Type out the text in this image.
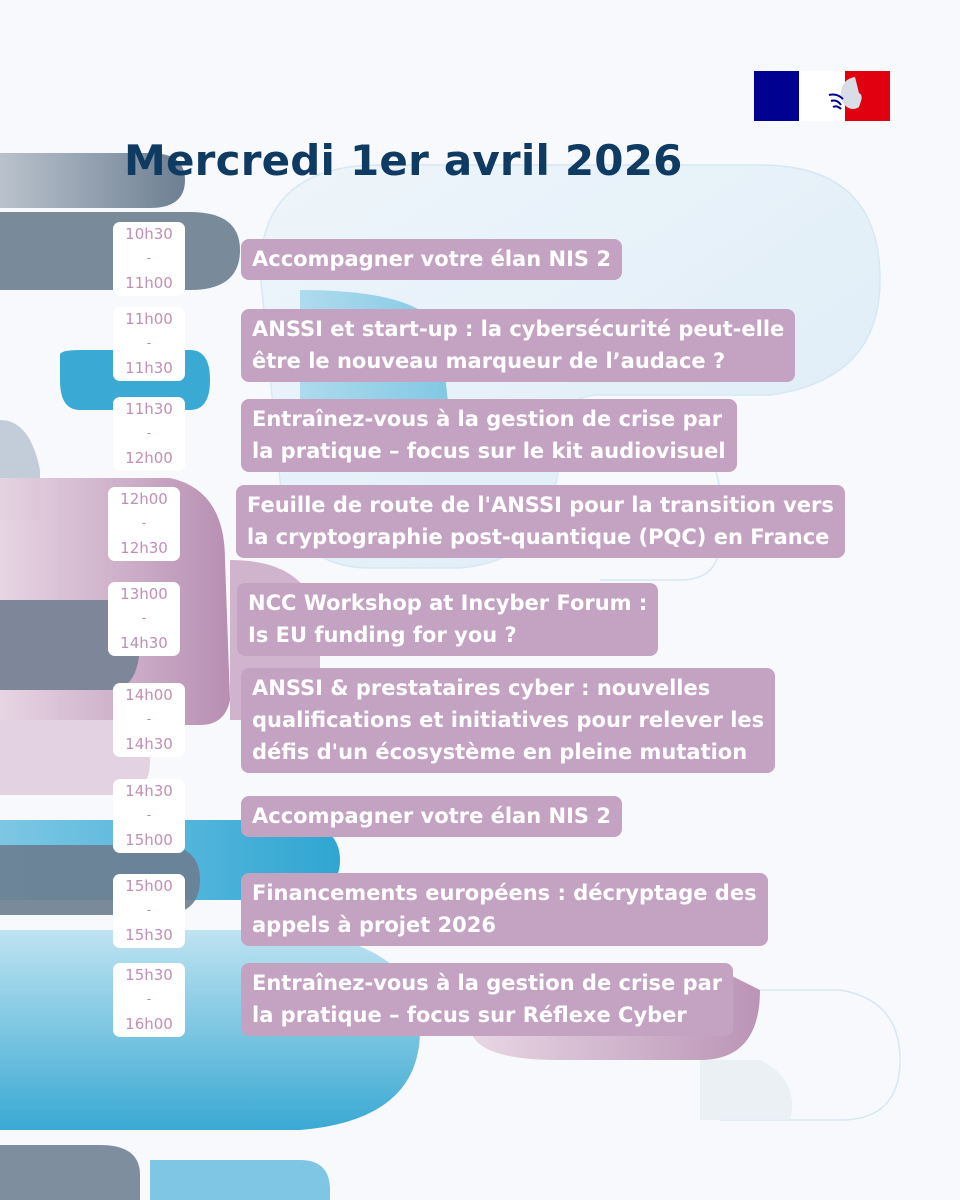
Mercredi 1er avril 2026
10h30
-
11h00
Accompagner votre élan NIS 2
11h00
-
11h30
ANSSI et start-up : la cybersécurité peut-elle
être le nouveau marqueur de l’audace ?
11h30
-
12h00
Entraînez-vous à la gestion de crise par
la pratique – focus sur le kit audiovisuel
12h00
-
12h30
Feuille de route de l'ANSSI pour la transition vers
la cryptographie post-quantique (PQC) en France
13h00
-
14h30
NCC Workshop at Incyber Forum :
Is EU funding for you ?
14h00
-
14h30
ANSSI & prestataires cyber : nouvelles
qualifications et initiatives pour relever les
défis d'un écosystème en pleine mutation
14h30
-
15h00
Accompagner votre élan NIS 2
15h00
-
15h30
Financements européens : décryptage des
appels à projet 2026
15h30
-
16h00
Entraînez-vous à la gestion de crise par
la pratique – focus sur Réflexe Cyber
